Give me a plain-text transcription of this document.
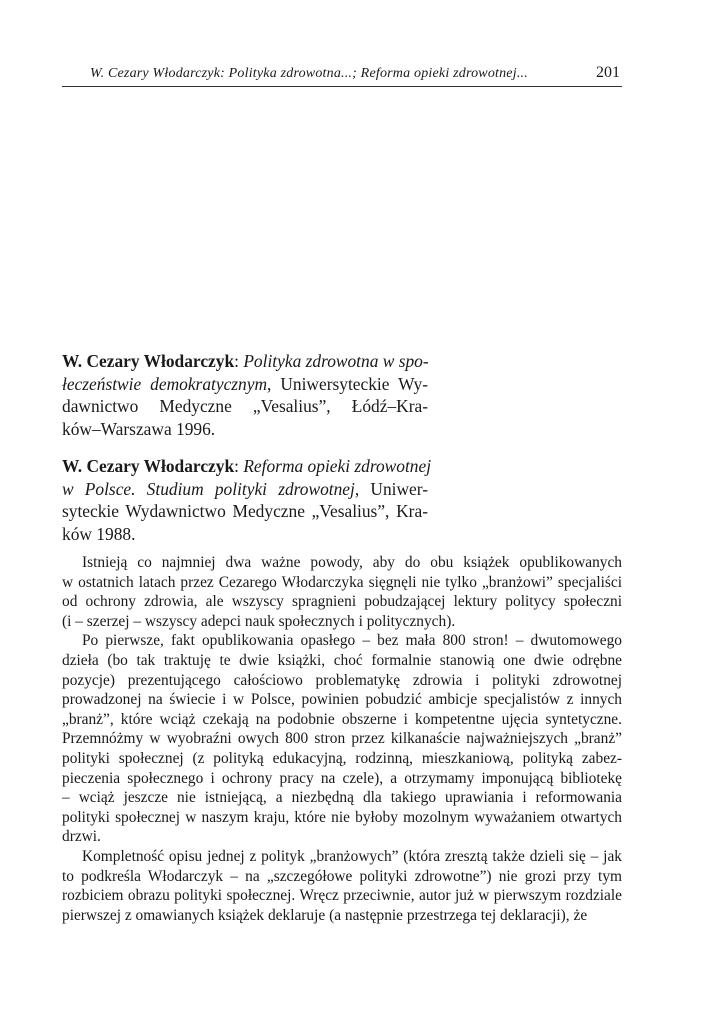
W. Cezary Włodarczyk: Polityka zdrowotna...; Reforma opieki zdrowotnej...	201
W. Cezary Włodarczyk: Polityka zdrowotna w spo-
łeczeństwie demokratycznym, Uniwersyteckie Wy-
dawnictwo Medyczne „Vesalius”, Łódź–Kra-
ków–Warszawa 1996.
W. Cezary Włodarczyk: Reforma opieki zdrowotnej
w Polsce. Studium polityki zdrowotnej, Uniwer-
syteckie Wydawnictwo Medyczne „Vesalius”, Kra-
ków 1988.
Istnieją co najmniej dwa ważne powody, aby do obu książek opublikowanych
w ostatnich latach przez Cezarego Włodarczyka sięgnęli nie tylko „branżowi” specjaliści
od ochrony zdrowia, ale wszyscy spragnieni pobudzającej lektury politycy społeczni
(i – szerzej – wszyscy adepci nauk społecznych i politycznych).
Po pierwsze, fakt opublikowania opasłego – bez mała 800 stron! – dwutomowego
dzieła (bo tak traktuję te dwie książki, choć formalnie stanowią one dwie odrębne
pozycje) prezentującego całościowo problematykę zdrowia i polityki zdrowotnej
prowadzonej na świecie i w Polsce, powinien pobudzić ambicje specjalistów z innych
„branż”, które wciąż czekają na podobnie obszerne i kompetentne ujęcia syntetyczne.
Przemnóżmy w wyobraźni owych 800 stron przez kilkanaście najważniejszych „branż”
polityki społecznej (z polityką edukacyjną, rodzinną, mieszkaniową, polityką zabez-
pieczenia społecznego i ochrony pracy na czele), a otrzymamy imponującą bibliotekę
– wciąż jeszcze nie istniejącą, a niezbędną dla takiego uprawiania i reformowania
polityki społecznej w naszym kraju, które nie byłoby mozolnym wyważaniem otwartych
drzwi.
Kompletność opisu jednej z polityk „branżowych” (która zresztą także dzieli się – jak
to podkreśla Włodarczyk – na „szczegółowe polityki zdrowotne”) nie grozi przy tym
rozbiciem obrazu polityki społecznej. Wręcz przeciwnie, autor już w pierwszym rozdziale
pierwszej z omawianych książek deklaruje (a następnie przestrzega tej deklaracji), że
